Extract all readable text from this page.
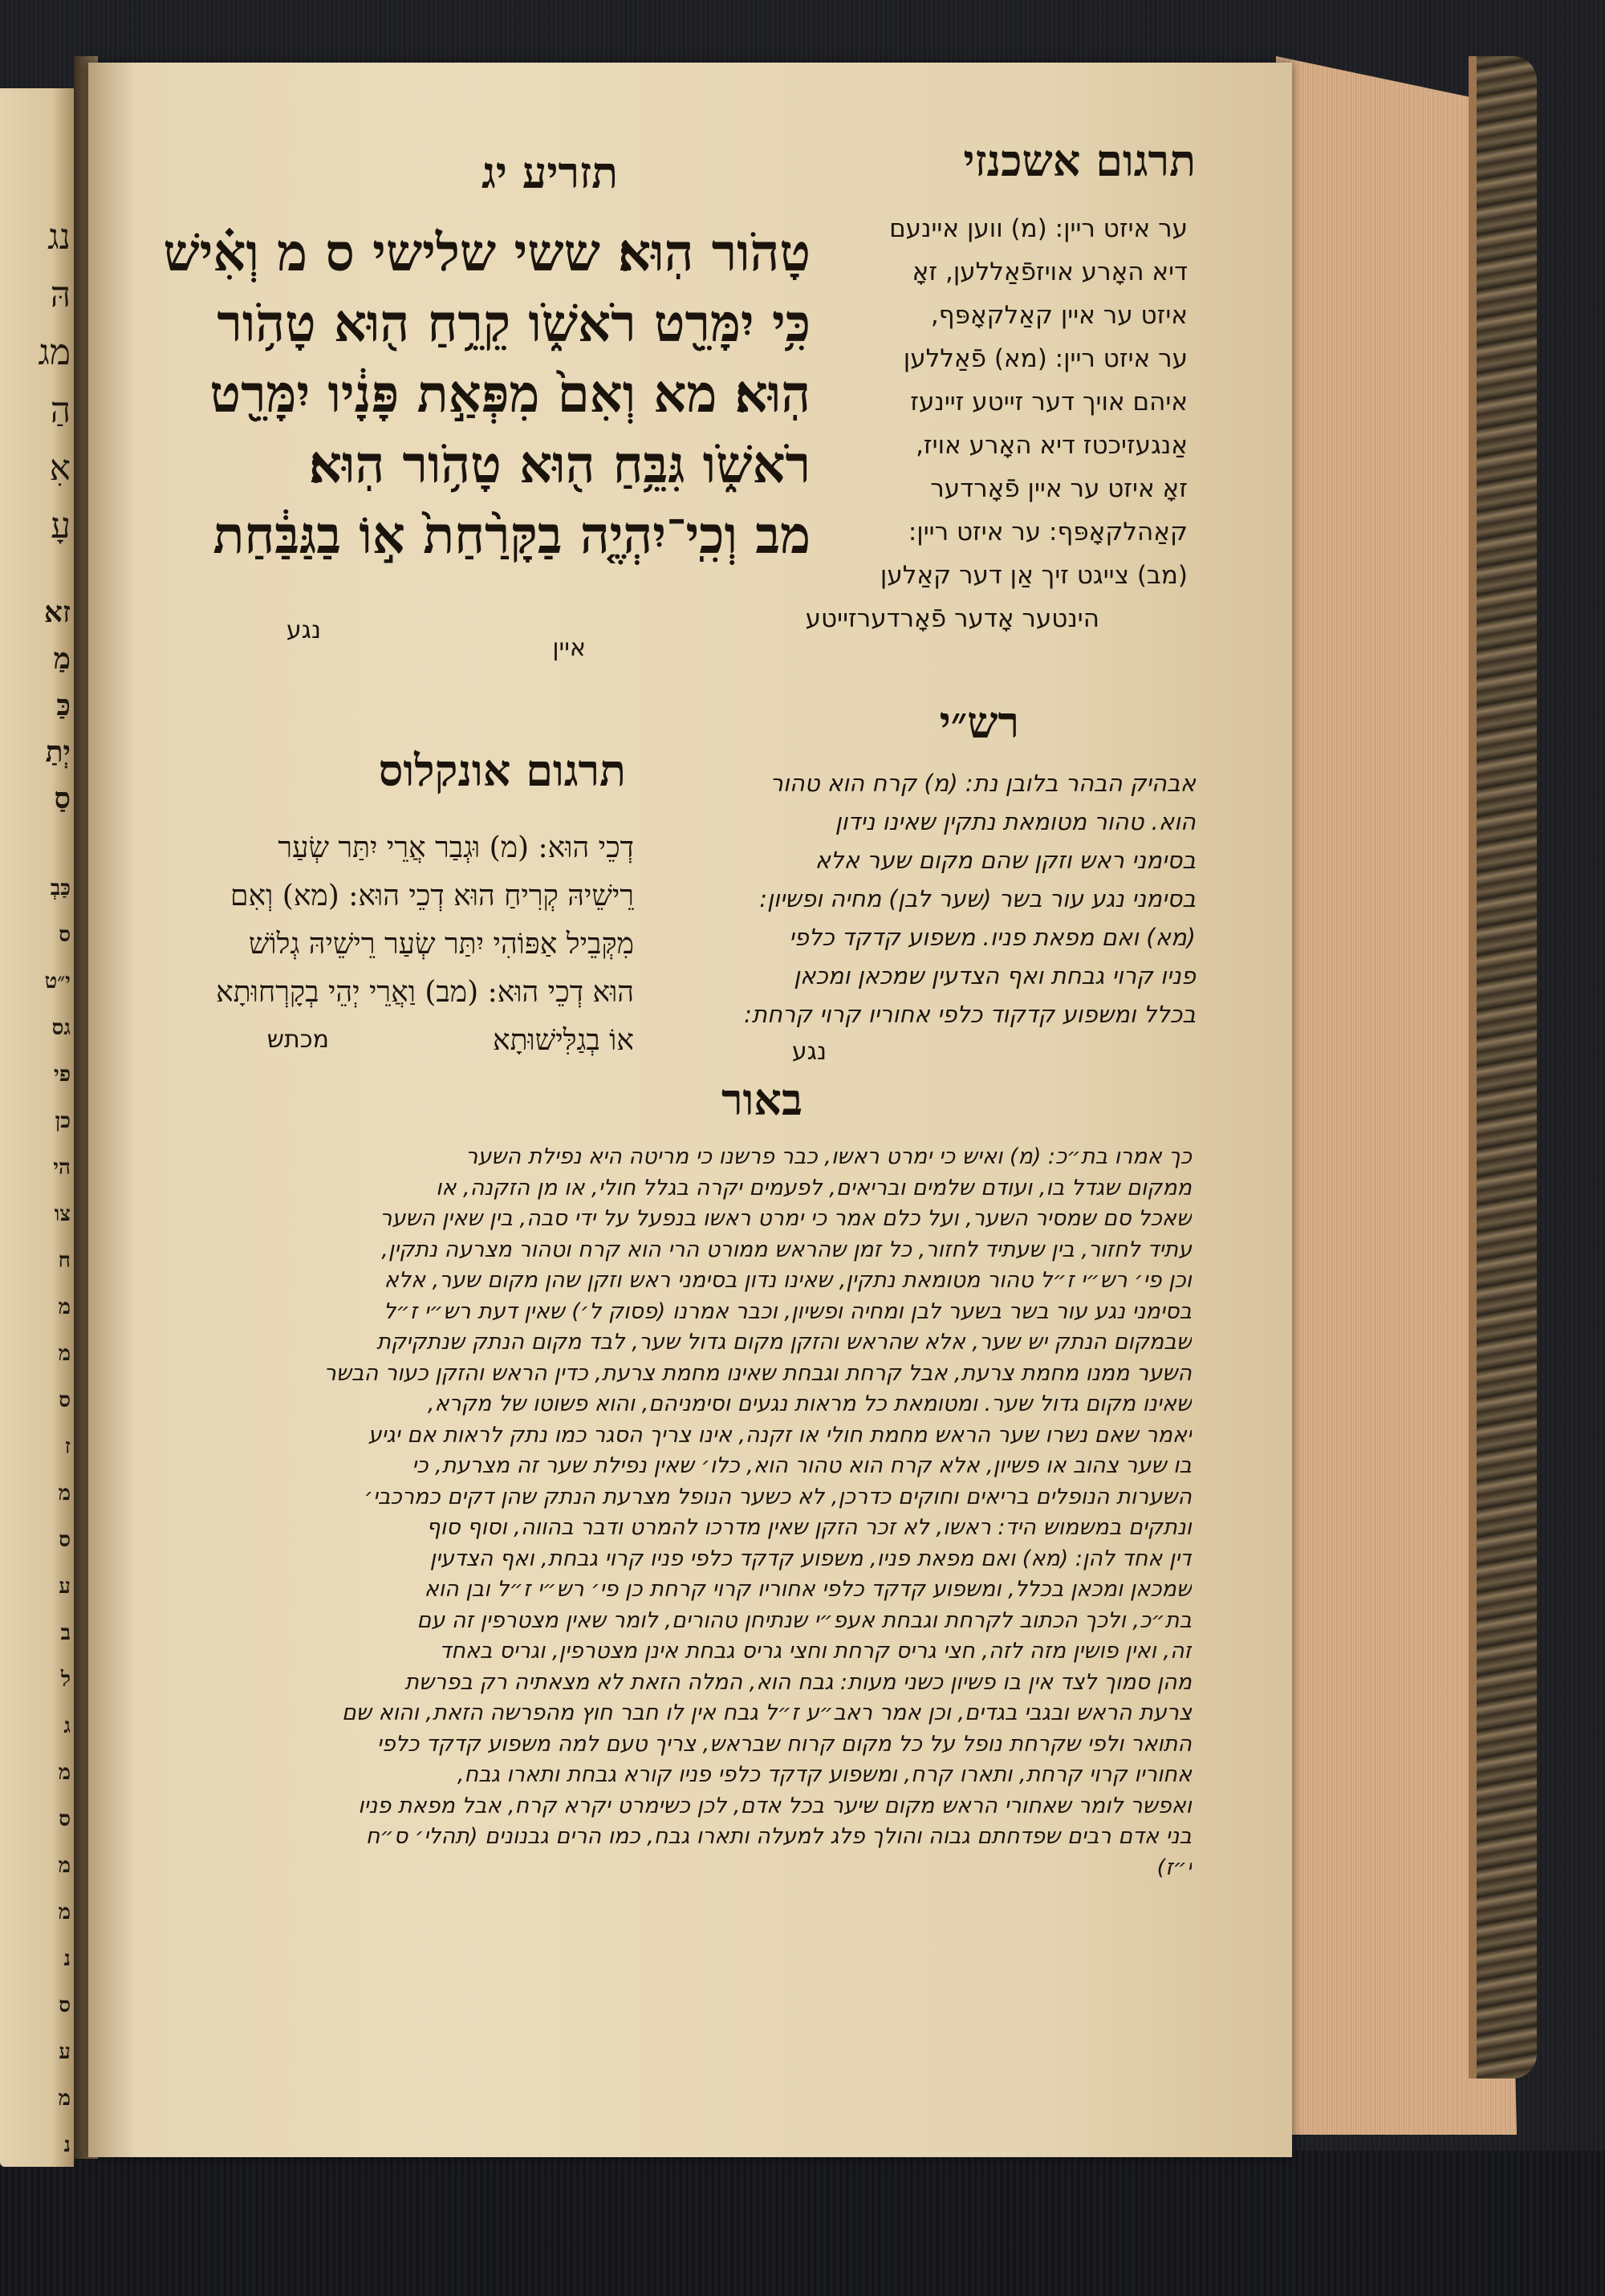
נג
הּ
מג
הַ
אִ
עָ
זא
מַ
כַּ
יְתַ
סַ
כַּבְ
ס
י״ט
גס
פי
כן
הי
צו
ח
מ
מ
ס
ז
מ
ס
ע
ב
ל
ג
מ
ס
מ
מ
נ
ס
ע
מ
נ
תרגום אשכנזי
תזריע יג
טָהֹור הֽוּא׃ ששי שלישי ס מ וְאִ֗ישׁ
כִּ֥י יִמָּרֵ֖ט רֹאשֹׁ֑ו קֵרֵ֥חַ ה֖וּא טָהֹ֥ור
הֽוּא׃ מא וְאִם֙ מִפְּאַ֣ת פָּנָ֔יו יִמָּרֵ֖ט
רֹאשֹׁ֑ו גִּבֵּ֥חַ ה֖וּא טָהֹ֥ור הֽוּא׃
מב וְכִֽי־יִהְיֶ֤ה בַקָּרַ֨חַת֙ א֣וֹ בַגַּבַּ֔חַת
נגע
איין
ער איזט ריין: (מ) ווען איינעם
דיא האָרע אויזפֿאַללען, זאָ
איזט ער איין קאַלקאָפּף,
ער איזט ריין: (מא) פֿאַללען
איהם אויך דער זייטע זיינעז
אַנגעזיכטז דיא האָרע אויז,
זאָ איזט ער איין פֿאָרדער
קאַהלקאָפּף: ער איזט ריין:
(מב) צייגט זיך אַן דער קאַלען
הינטער אָדער פֿאָרדערזייטע
רש״י
אבהיק הבהר בלובן נת: (מ) קרח הוא טהור
הוא. טהור מטומאת נתקין שאינו נידון
בסימני ראש וזקן שהם מקום שער אלא
בסימני נגע עור בשר (שער לבן) מחיה ופשיון:
(מא) ואם מפאת פניו. משפוע קדקד כלפי
פניו קרוי גבחת ואף הצדעין שמכאן ומכאן
בכלל ומשפוע קדקוד כלפי אחוריו קרוי קרחת:
נגע
תרגום אונקלוס
דְכֵי הוּא: (מ) וּגְבַר אֲרֵי יִתַּר שְׂעַר
רֵישֵׁיהּ קְרִיחַ הוּא דְכֵי הוּא: (מא) וְאִם
מִקְּבֵיל אַפּוֹהִי יִתַּר שְׂעַר רֵישֵׁיהּ גְלוֹשׁ
הוּא דְכֵי הוּא: (מב) וַאֲרֵי יְהֵי בְקָרְחוּתָא
אוֹ בְגַלִּישׁוּתָא
מכתש
באור
כך אמרו בת״כ: (מ) ואיש כי ימרט ראשו, כבר פרשנו כי מריטה היא נפילת השער
ממקום שגדל בו, ועודם שלמים ובריאים, לפעמים יקרה בגלל חולי, או מן הזקנה, או
שאכל סם שמסיר השער, ועל כלם אמר כי ימרט ראשו בנפעל על ידי סבה, בין שאין השער
עתיד לחזור, בין שעתיד לחזור, כל זמן שהראש ממורט הרי הוא קרח וטהור מצרעה נתקין,
וכן פי׳ רש״י ז״ל טהור מטומאת נתקין, שאינו נדון בסימני ראש וזקן שהן מקום שער, אלא
בסימני נגע עור בשר בשער לבן ומחיה ופשיון, וכבר אמרנו (פסוק ל׳) שאין דעת רש״י ז״ל
שבמקום הנתק יש שער, אלא שהראש והזקן מקום גדול שער, לבד מקום הנתק שנתקיקת
השער ממנו מחמת צרעת, אבל קרחת וגבחת שאינו מחמת צרעת, כדין הראש והזקן כעור הבשר
שאינו מקום גדול שער. ומטומאת כל מראות נגעים וסימניהם, והוא פשוטו של מקרא,
יאמר שאם נשרו שער הראש מחמת חולי או זקנה, אינו צריך הסגר כמו נתק לראות אם יגיע
בו שער צהוב או פשיון, אלא קרח הוא טהור הוא, כלו׳ שאין נפילת שער זה מצרעת, כי
השערות הנופלים בריאים וחוקים כדרכן, לא כשער הנופל מצרעת הנתק שהן דקים כמרכבי׳
ונתקים במשמוש היד: ראשו, לא זכר הזקן שאין מדרכו להמרט ודבר בהווה, וסוף סוף
דין אחד להן: (מא) ואם מפאת פניו, משפוע קדקד כלפי פניו קרוי גבחת, ואף הצדעין
שמכאן ומכאן בכלל, ומשפוע קדקד כלפי אחוריו קרוי קרחת כן פי׳ רש״י ז״ל ובן הוא
בת״כ, ולכך הכתוב לקרחת וגבחת אעפ״י שנתיחן טהורים, לומר שאין מצטרפין זה עם
זה, ואין פושין מזה לזה, חצי גריס קרחת וחצי גריס גבחת אינן מצטרפין, וגריס באחד
מהן סמוך לצד אין בו פשיון כשני מעות: גבח הוא, המלה הזאת לא מצאתיה רק בפרשת
צרעת הראש ובגבי בגדים, וכן אמר ראב״ע ז״ל גבח אין לו חבר חוץ מהפרשה הזאת, והוא שם
התואר ולפי שקרחת נופל על כל מקום קרוח שבראש, צריך טעם למה משפוע קדקד כלפי
אחוריו קרוי קרחת, ותארו קרח, ומשפוע קדקד כלפי פניו קורא גבחת ותארו גבח,
ואפשר לומר שאחורי הראש מקום שיער בכל אדם, לכן כשימרט יקרא קרח, אבל מפאת פניו
בני אדם רבים שפדחתם גבוה והולך פלג למעלה ותארו גבח, כמו הרים גבנונים (תהלי׳ ס״ח
י״ז)
